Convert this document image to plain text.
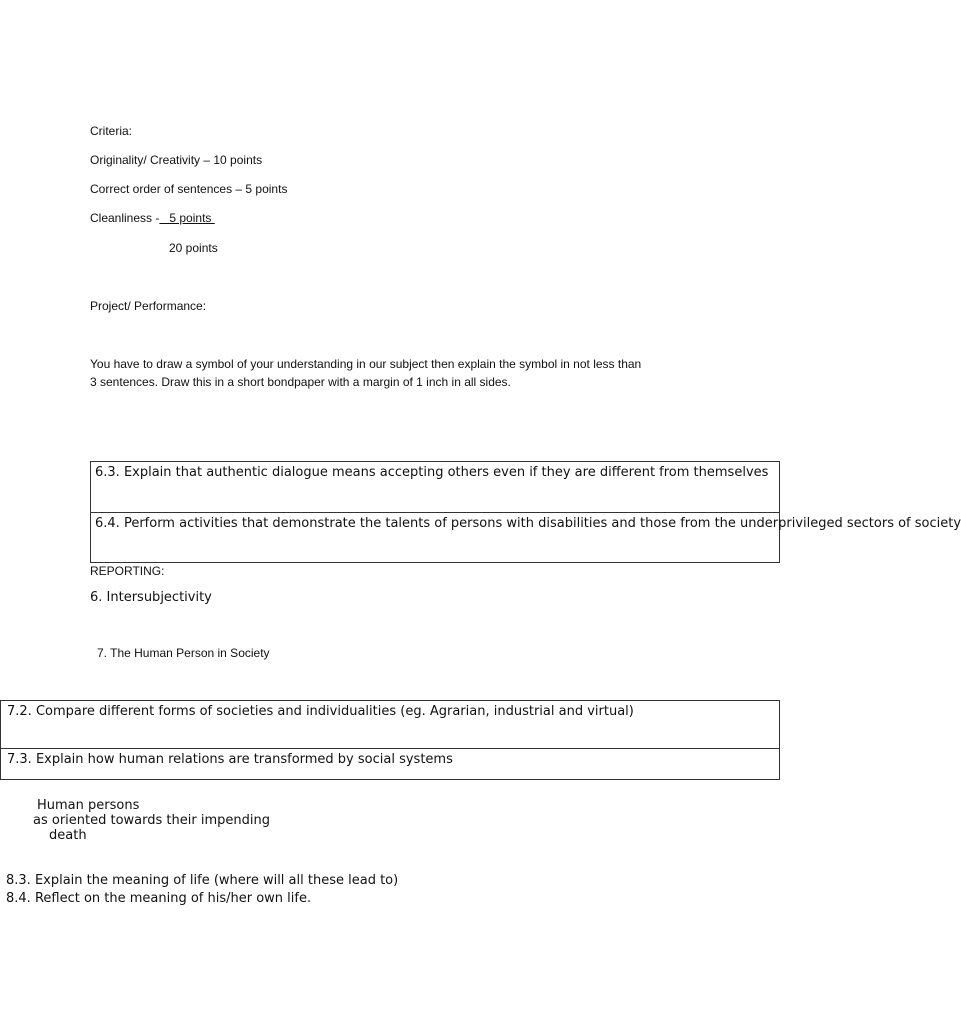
Criteria:
Originality/ Creativity – 10 points
Correct order of sentences – 5 points
Cleanliness -   5 points
20 points
Project/ Performance:
You have to draw a symbol of your understanding in our subject then explain the symbol in not less than
3 sentences. Draw this in a short bondpaper with a margin of 1 inch in all sides.
6.3. Explain that authentic dialogue means accepting others even if they are different from themselves
6.4. Perform activities that demonstrate the talents of persons with disabilities and those from the underprivileged sectors of society
REPORTING:
6. Intersubjectivity
7. The Human Person in Society
7.2. Compare different forms of societies and individualities (eg. Agrarian, industrial and virtual)
7.3. Explain how human relations are transformed by social systems
Human persons
as oriented towards their impending
death
8.3. Explain the meaning of life (where will all these lead to)
8.4. Reflect on the meaning of his/her own life.
